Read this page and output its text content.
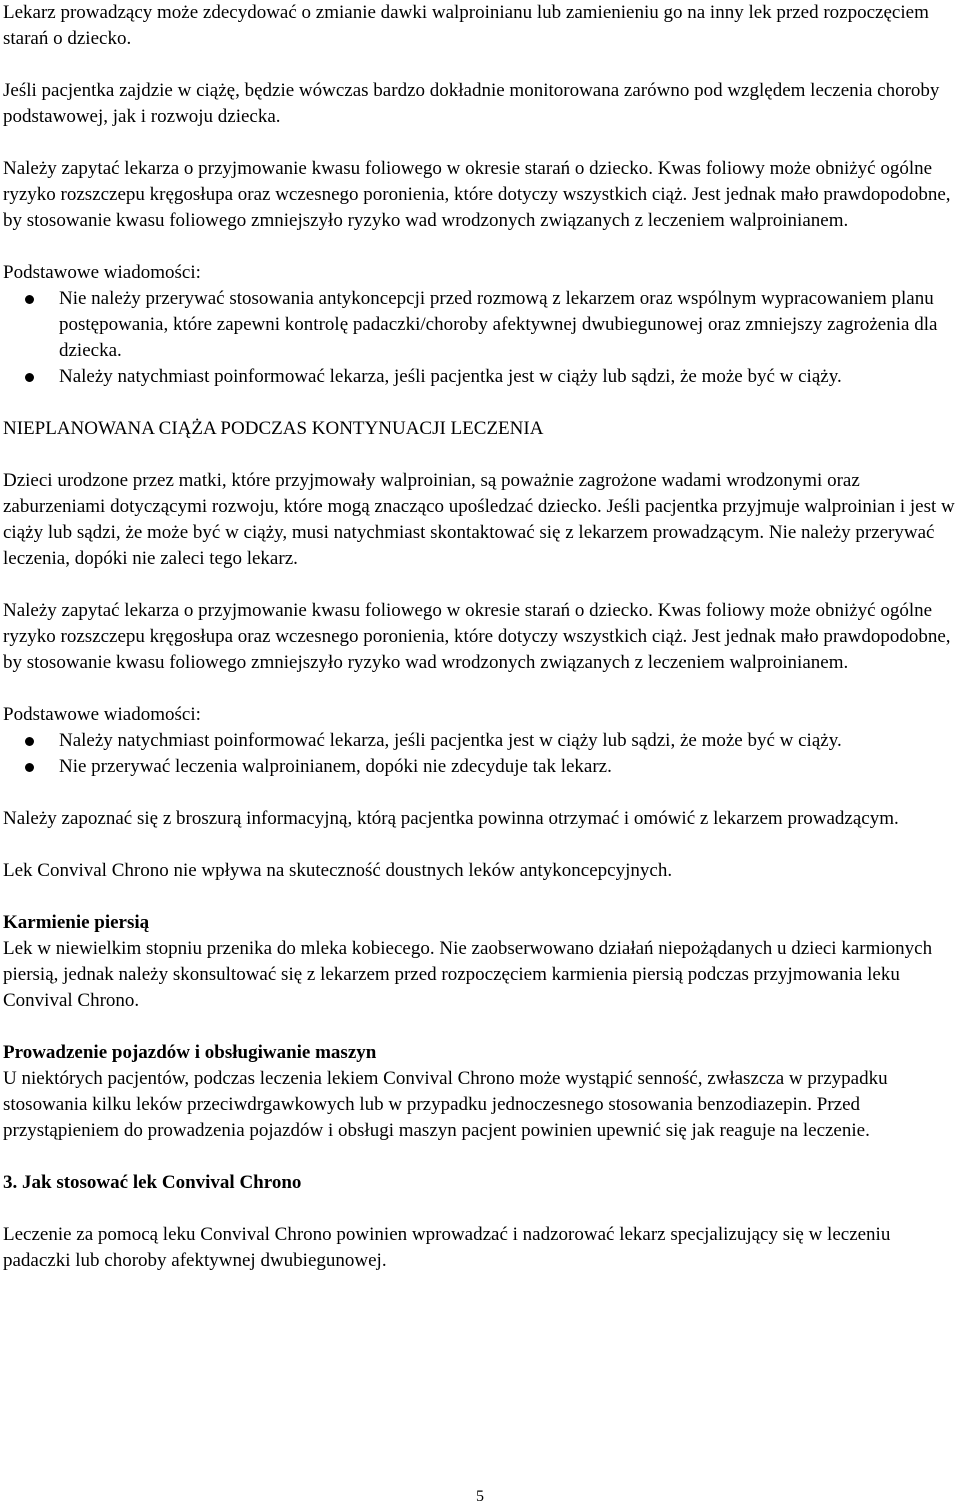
Lekarz prowadzący może zdecydować o zmianie dawki walproinianu lub zamienieniu go na inny lek przed rozpoczęciem starań o dziecko.

Jeśli pacjentka zajdzie w ciążę, będzie wówczas bardzo dokładnie monitorowana zarówno pod względem leczenia choroby podstawowej, jak i rozwoju dziecka.

Należy zapytać lekarza o przyjmowanie kwasu foliowego w okresie starań o dziecko. Kwas foliowy może obniżyć ogólne ryzyko rozszczepu kręgosłupa oraz wczesnego poronienia, które dotyczy wszystkich ciąż. Jest jednak mało prawdopodobne, by stosowanie kwasu foliowego zmniejszyło ryzyko wad wrodzonych związanych z leczeniem walproinianem.

Podstawowe wiadomości:

Nie należy przerywać stosowania antykoncepcji przed rozmową z lekarzem oraz wspólnym wypracowaniem planu postępowania, które zapewni kontrolę padaczki/choroby afektywnej dwubiegunowej oraz zmniejszy zagrożenia dla dziecka.
Należy natychmiast poinformować lekarza, jeśli pacjentka jest w ciąży lub sądzi, że może być w ciąży.

NIEPLANOWANA CIĄŻA PODCZAS KONTYNUACJI LECZENIA

Dzieci urodzone przez matki, które przyjmowały walproinian, są poważnie zagrożone wadami wrodzonymi oraz zaburzeniami dotyczącymi rozwoju, które mogą znacząco upośledzać dziecko. Jeśli pacjentka przyjmuje walproinian i jest w ciąży lub sądzi, że może być w ciąży, musi natychmiast skontaktować się z lekarzem prowadzącym. Nie należy przerywać leczenia, dopóki nie zaleci tego lekarz.

Należy zapytać lekarza o przyjmowanie kwasu foliowego w okresie starań o dziecko. Kwas foliowy może obniżyć ogólne ryzyko rozszczepu kręgosłupa oraz wczesnego poronienia, które dotyczy wszystkich ciąż. Jest jednak mało prawdopodobne, by stosowanie kwasu foliowego zmniejszyło ryzyko wad wrodzonych związanych z leczeniem walproinianem.

Podstawowe wiadomości:

Należy natychmiast poinformować lekarza, jeśli pacjentka jest w ciąży lub sądzi, że może być w ciąży.
Nie przerywać leczenia walproinianem, dopóki nie zdecyduje tak lekarz.

Należy zapoznać się z broszurą informacyjną, którą pacjentka powinna otrzymać i omówić z lekarzem prowadzącym.

Lek Convival Chrono nie wpływa na skuteczność doustnych leków antykoncepcyjnych.

Karmienie piersią

Lek w niewielkim stopniu przenika do mleka kobiecego. Nie zaobserwowano działań niepożądanych u dzieci karmionych piersią, jednak należy skonsultować się z lekarzem przed rozpoczęciem karmienia piersią podczas przyjmowania leku Convival Chrono.

Prowadzenie pojazdów i obsługiwanie maszyn

U niektórych pacjentów, podczas leczenia lekiem Convival Chrono może wystąpić senność, zwłaszcza w przypadku stosowania kilku leków przeciwdrgawkowych lub w przypadku jednoczesnego stosowania benzodiazepin. Przed przystąpieniem do prowadzenia pojazdów i obsługi maszyn pacjent powinien upewnić się jak reaguje na leczenie.

3. Jak stosować lek Convival Chrono

Leczenie za pomocą leku Convival Chrono powinien wprowadzać i nadzorować lekarz specjalizujący się w leczeniu padaczki lub choroby afektywnej dwubiegunowej.

5
